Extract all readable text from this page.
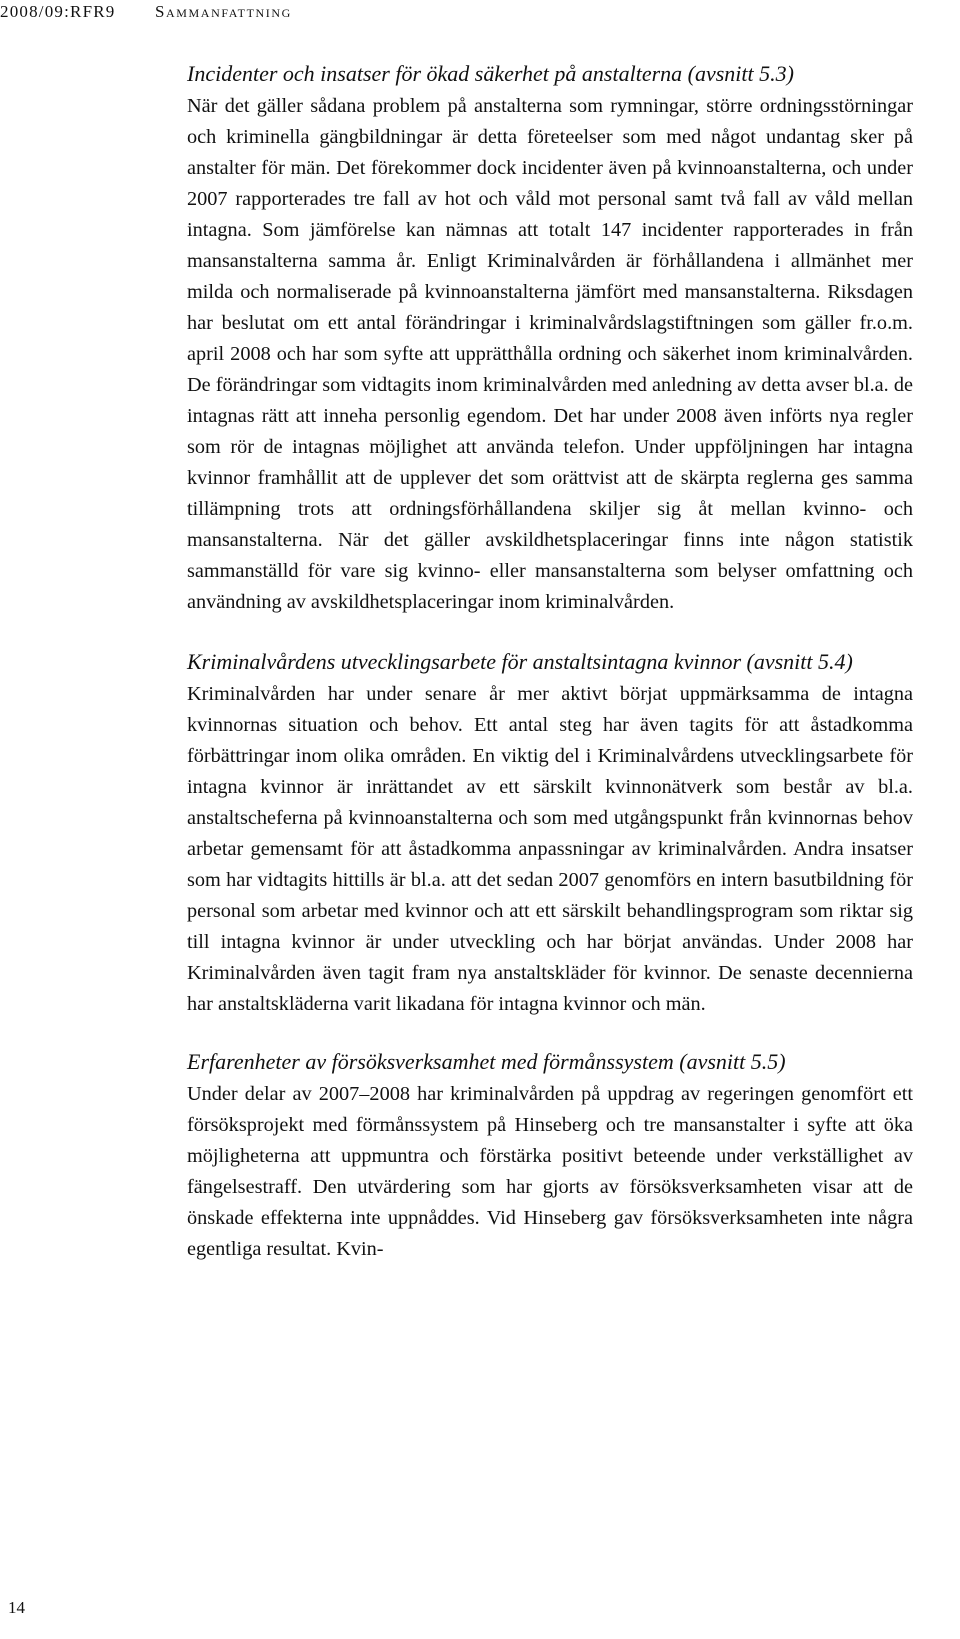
2008/09:RFR9 Sammanfattning
Incidenter och insatser för ökad säkerhet på anstalterna (avsnitt 5.3)

När det gäller sådana problem på anstalterna som rymningar, större ordningsstörningar och kriminella gängbildningar är detta företeelser som med något undantag sker på anstalter för män. Det förekommer dock incidenter även på kvinnoanstalterna, och under 2007 rapporterades tre fall av hot och våld mot personal samt två fall av våld mellan intagna. Som jämförelse kan nämnas att totalt 147 incidenter rapporterades in från mansanstalterna samma år. Enligt Kriminalvården är förhållandena i allmänhet mer milda och normaliserade på kvinnoanstalterna jämfört med mansanstalterna. Riksdagen har beslutat om ett antal förändringar i kriminalvårdslagstiftningen som gäller fr.o.m. april 2008 och har som syfte att upprätthålla ordning och säkerhet inom kriminalvården. De förändringar som vidtagits inom kriminalvården med anledning av detta avser bl.a. de intagnas rätt att inneha personlig egendom. Det har under 2008 även införts nya regler som rör de intagnas möjlighet att använda telefon. Under uppföljningen har intagna kvinnor framhållit att de upplever det som orättvist att de skärpta reglerna ges samma tillämpning trots att ordningsförhållandena skiljer sig åt mellan kvinno- och mansanstalterna. När det gäller avskildhetsplaceringar finns inte någon statistik sammanställd för vare sig kvinno- eller mansanstalterna som belyser omfattning och användning av avskildhetsplaceringar inom kriminalvården.

Kriminalvårdens utvecklingsarbete för anstaltsintagna kvinnor (avsnitt 5.4)

Kriminalvården har under senare år mer aktivt börjat uppmärksamma de intagna kvinnornas situation och behov. Ett antal steg har även tagits för att åstadkomma förbättringar inom olika områden. En viktig del i Kriminalvårdens utvecklingsarbete för intagna kvinnor är inrättandet av ett särskilt kvinnonätverk som består av bl.a. anstaltscheferna på kvinnoanstalterna och som med utgångspunkt från kvinnornas behov arbetar gemensamt för att åstadkomma anpassningar av kriminalvården. Andra insatser som har vidtagits hittills är bl.a. att det sedan 2007 genomförs en intern basutbildning för personal som arbetar med kvinnor och att ett särskilt behandlingsprogram som riktar sig till intagna kvinnor är under utveckling och har börjat användas. Under 2008 har Kriminalvården även tagit fram nya anstaltskläder för kvinnor. De senaste decennierna har anstaltskläderna varit likadana för intagna kvinnor och män.

Erfarenheter av försöksverksamhet med förmånssystem (avsnitt 5.5)

Under delar av 2007–2008 har kriminalvården på uppdrag av regeringen genomfört ett försöksprojekt med förmånssystem på Hinseberg och tre mansanstalter i syfte att öka möjligheterna att uppmuntra och förstärka positivt beteende under verkställighet av fängelsestraff. Den utvärdering som har gjorts av försöksverksamheten visar att de önskade effekterna inte uppnåddes. Vid Hinseberg gav försöksverksamheten inte några egentliga resultat. Kvin-

14
